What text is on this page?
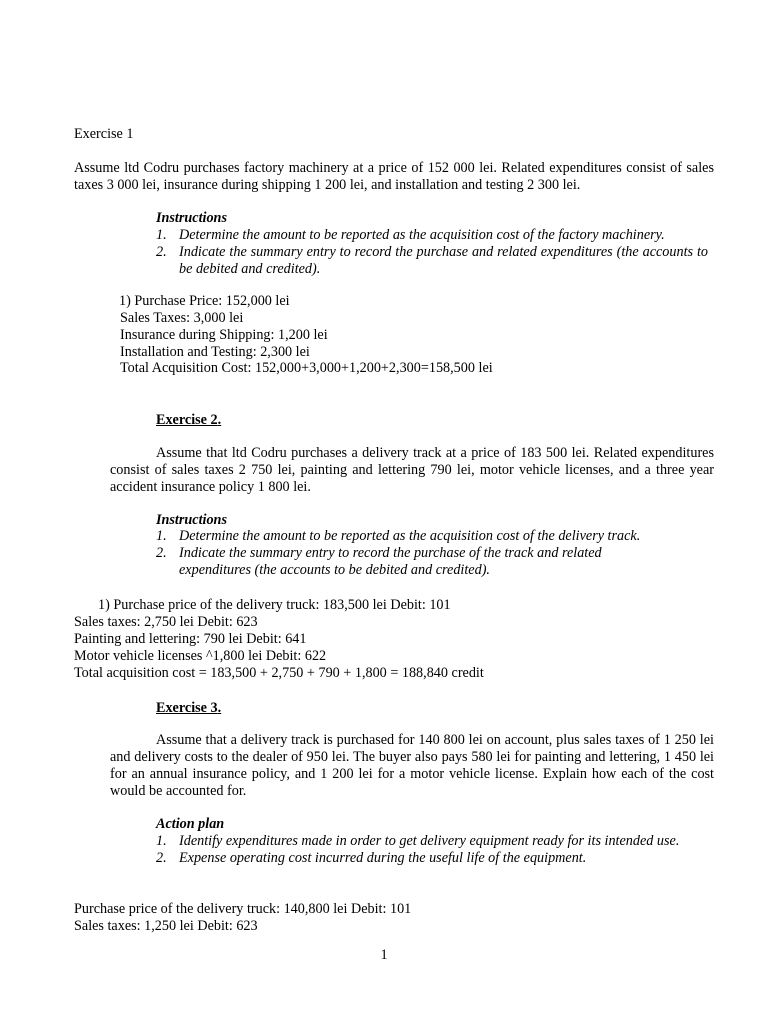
Exercise 1
Assume ltd Codru purchases factory machinery at a price of 152 000 lei. Related expenditures consist of sales taxes 3 000 lei, insurance during shipping 1 200 lei, and installation and testing 2 300 lei.
Instructions
1. Determine the amount to be reported as the acquisition cost of the factory machinery.
2. Indicate the summary entry to record the purchase and related expenditures (the accounts to be debited and credited).
1) Purchase Price: 152,000 lei
Sales Taxes: 3,000 lei
Insurance during Shipping: 1,200 lei
Installation and Testing: 2,300 lei
Total Acquisition Cost: 152,000+3,000+1,200+2,300=158,500 lei
Exercise 2.
Assume that ltd Codru purchases a delivery track at a price of 183 500 lei. Related expenditures consist of sales taxes 2 750 lei, painting and lettering 790 lei, motor vehicle licenses, and a three year accident insurance policy 1 800 lei.
Instructions
1. Determine the amount to be reported as the acquisition cost of the delivery track.
2. Indicate the summary entry to record the purchase of the track and related expenditures (the accounts to be debited and credited).
1) Purchase price of the delivery truck: 183,500 lei Debit: 101
Sales taxes: 2,750 lei Debit: 623
Painting and lettering: 790 lei Debit: 641
Motor vehicle licenses ^1,800 lei Debit: 622
Total acquisition cost = 183,500 + 2,750 + 790 + 1,800 = 188,840 credit
Exercise 3.
Assume that a delivery track is purchased for 140 800 lei on account, plus sales taxes of 1 250 lei and delivery costs to the dealer of 950 lei. The buyer also pays 580 lei for painting and lettering, 1 450 lei for an annual insurance policy, and 1 200 lei for a motor vehicle license. Explain how each of the cost would be accounted for.
Action plan
1. Identify expenditures made in order to get delivery equipment ready for its intended use.
2. Expense operating cost incurred during the useful life of the equipment.
Purchase price of the delivery truck: 140,800 lei Debit: 101
Sales taxes: 1,250 lei Debit: 623
1
